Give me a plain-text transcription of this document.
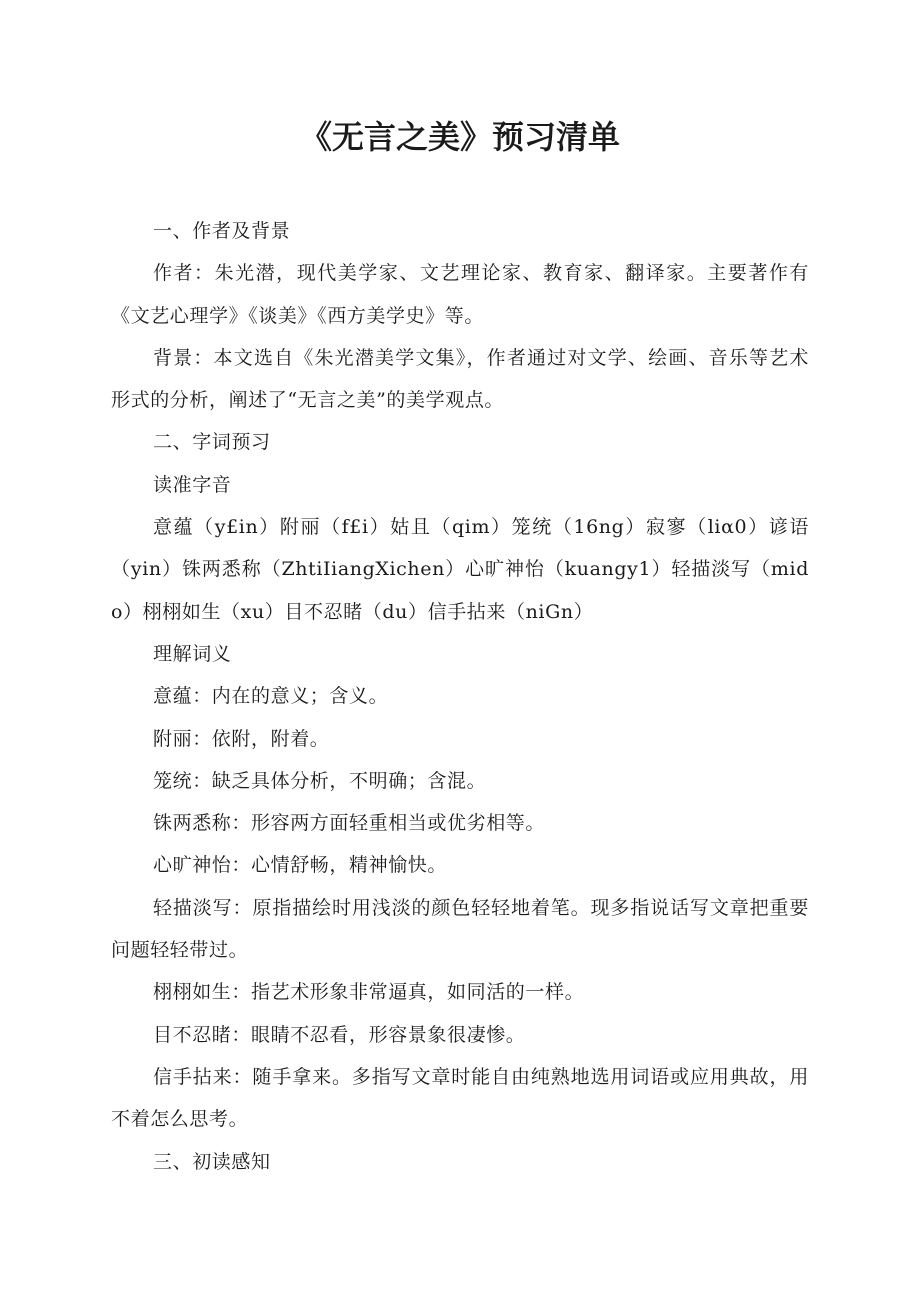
《无言之美》预习清单

一、作者及背景

作者：朱光潜，现代美学家、文艺理论家、教育家、翻译家。主要著作有《文艺心理学》《谈美》《西方美学史》等。

背景：本文选自《朱光潜美学文集》，作者通过对文学、绘画、音乐等艺术形式的分析，阐述了“无言之美”的美学观点。

二、字词预习

读准字音

意蕴（y£in）附丽（f£i）姑且（qim）笼统（16ng）寂寥（liα0）谚语（yin）铢两悉称（ZhtiIiangXichen）心旷神怡（kuangy1）轻描淡写（mido）栩栩如生（xu）目不忍睹（du）信手拈来（niGn）

理解词义

意蕴：内在的意义；含义。

附丽：依附，附着。

笼统：缺乏具体分析，不明确；含混。

铢两悉称：形容两方面轻重相当或优劣相等。

心旷神怡：心情舒畅，精神愉快。

轻描淡写：原指描绘时用浅淡的颜色轻轻地着笔。现多指说话写文章把重要问题轻轻带过。

栩栩如生：指艺术形象非常逼真，如同活的一样。

目不忍睹：眼睛不忍看，形容景象很凄惨。

信手拈来：随手拿来。多指写文章时能自由纯熟地选用词语或应用典故，用不着怎么思考。

三、初读感知
